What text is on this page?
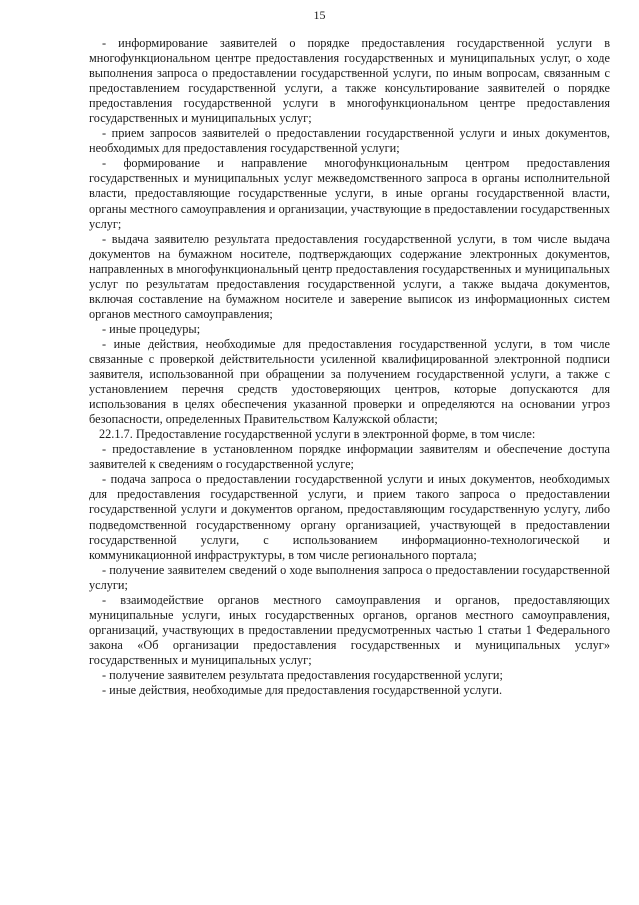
15

- информирование заявителей о порядке предоставления государственной услуги в многофункциональном центре предоставления государственных и муниципальных услуг, о ходе выполнения запроса о предоставлении государственной услуги, по иным вопросам, связанным с предоставлением государственной услуги, а также консультирование заявителей о порядке предоставления государственной услуги в многофункциональном центре предоставления государственных и муниципальных услуг;

- прием запросов заявителей о предоставлении государственной услуги и иных документов, необходимых для предоставления государственной услуги;

- формирование и направление многофункциональным центром предоставления государственных и муниципальных услуг межведомственного запроса в органы исполнительной власти, предоставляющие государственные услуги, в иные органы государственной власти, органы местного самоуправления и организации, участвующие в предоставлении государственных услуг;

- выдача заявителю результата предоставления государственной услуги, в том числе выдача документов на бумажном носителе, подтверждающих содержание электронных документов, направленных в многофункциональный центр предоставления государственных и муниципальных услуг по результатам предоставления государственной услуги, а также выдача документов, включая составление на бумажном носителе и заверение выписок из информационных систем органов местного самоуправления;

- иные процедуры;

- иные действия, необходимые для предоставления государственной услуги, в том числе связанные с проверкой действительности усиленной квалифицированной электронной подписи заявителя, использованной при обращении за получением государственной услуги, а также с установлением перечня средств удостоверяющих центров, которые допускаются для использования в целях обеспечения указанной проверки и определяются на основании угроз безопасности, определенных Правительством Калужской области;

22.1.7. Предоставление государственной услуги в электронной форме, в том числе:

- предоставление в установленном порядке информации заявителям и обеспечение доступа заявителей к сведениям о государственной услуге;

- подача запроса о предоставлении государственной услуги и иных документов, необходимых для предоставления государственной услуги, и прием такого запроса о предоставлении государственной услуги и документов органом, предоставляющим государственную услугу, либо подведомственной государственному органу организацией, участвующей в предоставлении государственной услуги, с использованием информационно-технологической и коммуникационной инфраструктуры, в том числе регионального портала;

- получение заявителем сведений о ходе выполнения запроса о предоставлении государственной услуги;

- взаимодействие органов местного самоуправления и органов, предоставляющих муниципальные услуги, иных государственных органов, органов местного самоуправления, организаций, участвующих в предоставлении предусмотренных частью 1 статьи 1 Федерального закона «Об организации предоставления государственных и муниципальных услуг» государственных и муниципальных услуг;

- получение заявителем результата предоставления государственной услуги;

- иные действия, необходимые для предоставления государственной услуги.
